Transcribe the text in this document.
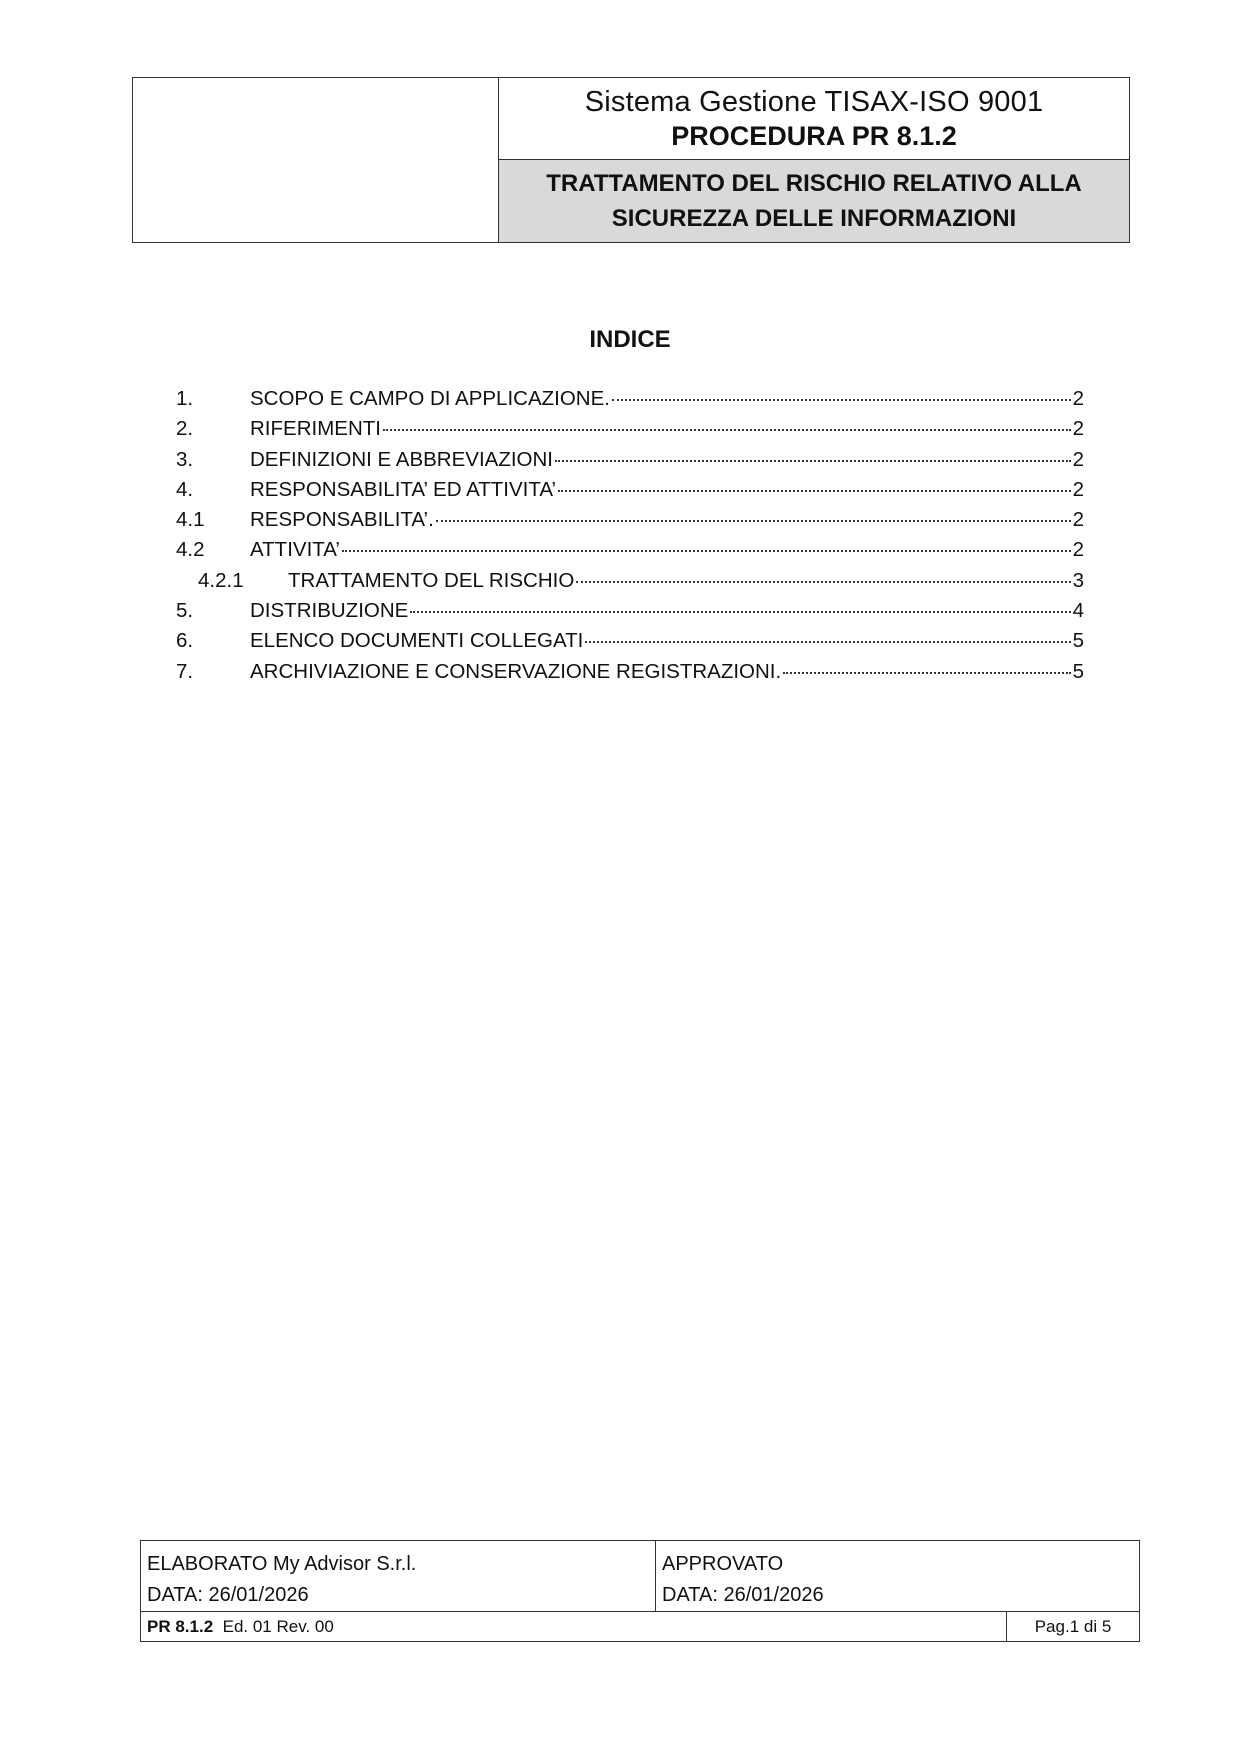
Sistema Gestione TISAX-ISO 9001
PROCEDURA PR 8.1.2
TRATTAMENTO DEL RISCHIO RELATIVO ALLA
SICUREZZA DELLE INFORMAZIONI
INDICE
1.	SCOPO E CAMPO DI APPLICAZIONE.	2
2.	RIFERIMENTI	2
3.	DEFINIZIONI E ABBREVIAZIONI	2
4.	RESPONSABILITA’ ED ATTIVITA’	2
4.1	RESPONSABILITA’.	2
4.2	ATTIVITA’	2
4.2.1	TRATTAMENTO DEL RISCHIO	3
5.	DISTRIBUZIONE	4
6.	ELENCO DOCUMENTI COLLEGATI	5
7.	ARCHIVIAZIONE E CONSERVAZIONE REGISTRAZIONI.	5
ELABORATO My Advisor S.r.l.
DATA: 26/01/2026
APPROVATO
DATA: 26/01/2026
PR 8.1.2 Ed. 01 Rev. 00	Pag.1 di 5
